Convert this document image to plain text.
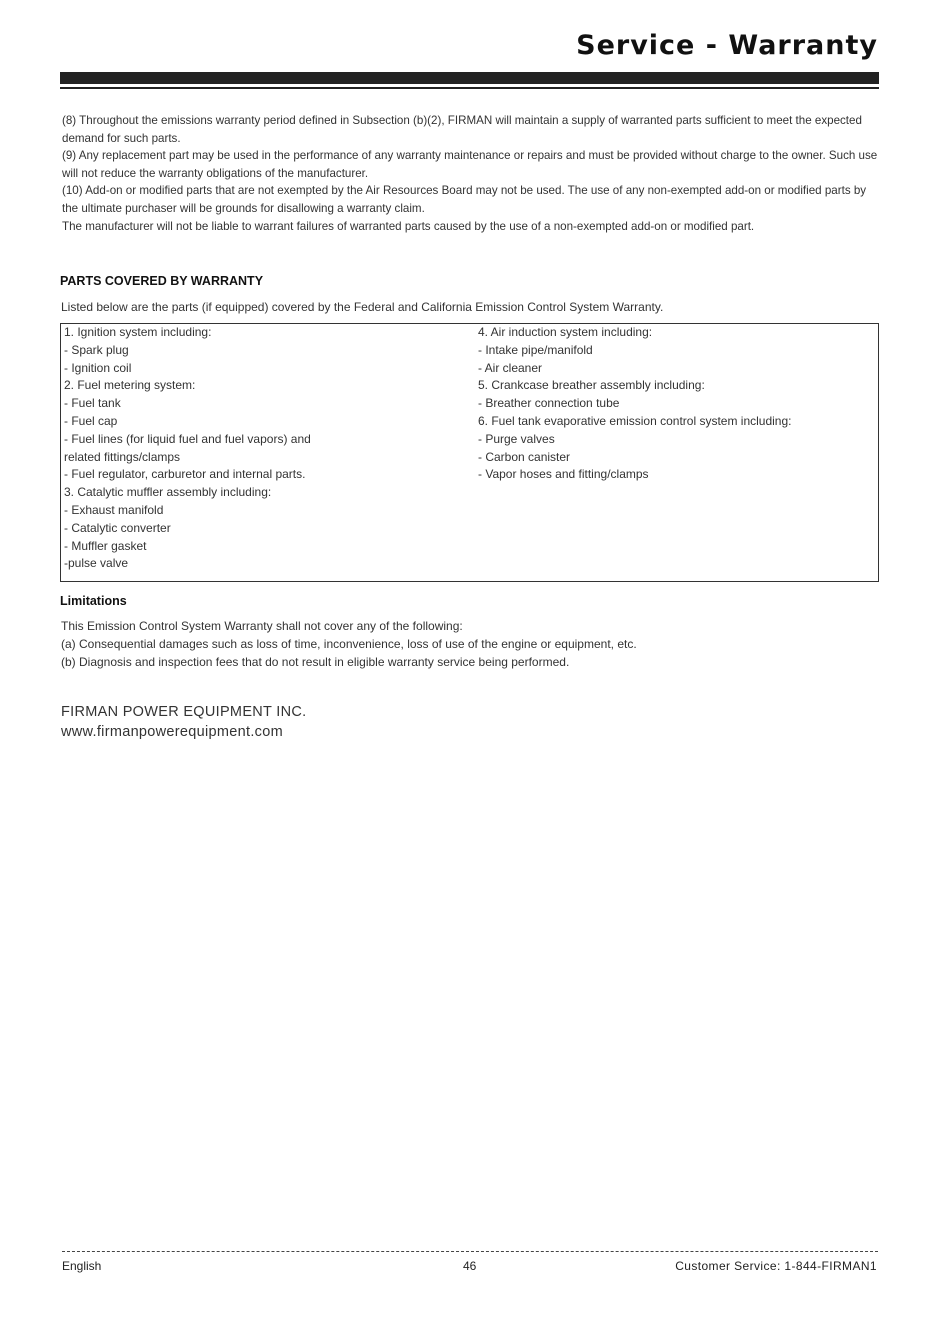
Service - Warranty
(8) Throughout the emissions warranty period defined in Subsection (b)(2), FIRMAN will maintain a supply of warranted parts sufficient to meet the expected demand for such parts.
(9) Any replacement part may be used in the performance of any warranty maintenance or repairs and must be provided without charge to the owner. Such use will not reduce the warranty obligations of the manufacturer.
(10) Add-on or modified parts that are not exempted by the Air Resources Board may not be used. The use of any non-exempted add-on or modified parts by the ultimate purchaser will be grounds for disallowing a warranty claim.
The manufacturer will not be liable to warrant failures of warranted parts caused by the use of a non-exempted add-on or modified part.
PARTS COVERED BY WARRANTY
Listed below are the parts (if equipped) covered by the Federal and California Emission Control System Warranty.
1. Ignition system including:
- Spark plug
- Ignition coil
2. Fuel metering system:
- Fuel tank
- Fuel cap
- Fuel lines (for liquid fuel and fuel vapors) and
related fittings/clamps
- Fuel regulator, carburetor and internal parts.
3. Catalytic muffler assembly including:
- Exhaust manifold
- Catalytic converter
- Muffler gasket
-pulse valve
4. Air induction system including:
- Intake pipe/manifold
- Air cleaner
5. Crankcase breather assembly including:
- Breather connection tube
6. Fuel tank evaporative emission control system including:
- Purge valves
- Carbon canister
- Vapor hoses and fitting/clamps
Limitations
This Emission Control System Warranty shall not cover any of the following:
(a) Consequential damages such as loss of time, inconvenience, loss of use of the engine or equipment, etc.
(b) Diagnosis and inspection fees that do not result in eligible warranty service being performed.
FIRMAN POWER EQUIPMENT INC.
www.firmanpowerequipment.com
English	46	Customer Service: 1-844-FIRMAN1
